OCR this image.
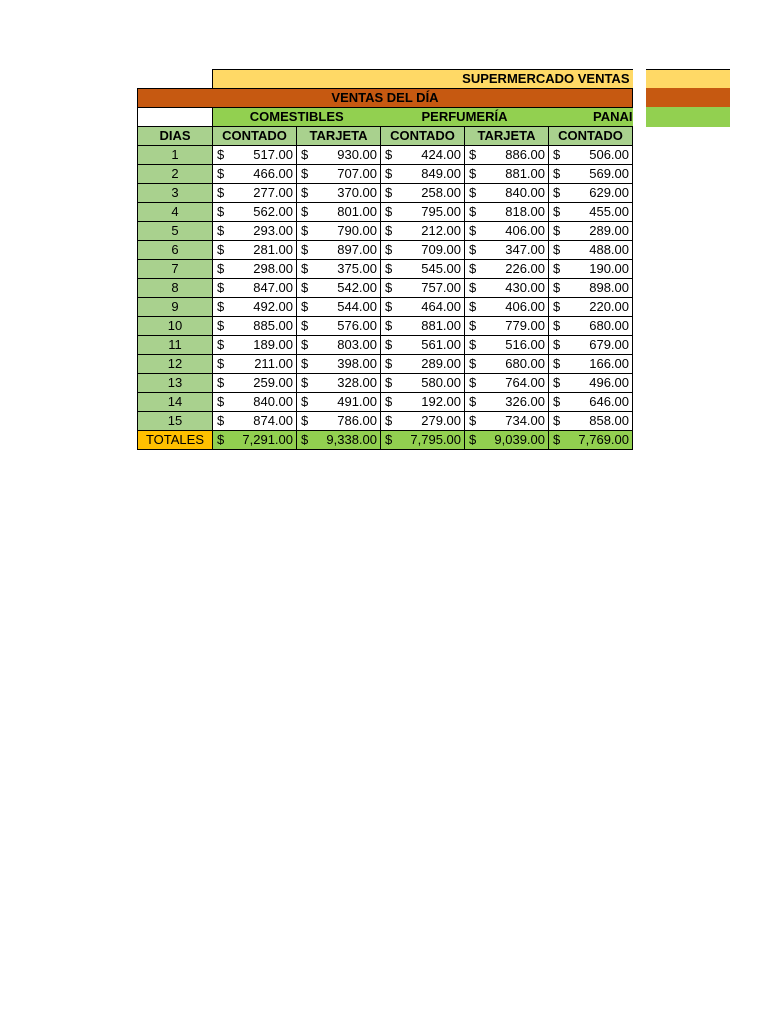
	SUPERMERCADO VENTAS				
VENTAS DEL DÍA					
	COMESTIBLES		PERFUMERÍA		PANAI
DIAS	CONTADO	TARJETA	CONTADO	TARJETA	CONTADO
1	$ 517.00	$ 930.00	$ 424.00	$ 886.00	$ 506.00

2	$ 466.00	$ 707.00	$ 849.00	$ 881.00	$ 569.00

3	$ 277.00	$ 370.00	$ 258.00	$ 840.00	$ 629.00

4	$ 562.00	$ 801.00	$ 795.00	$ 818.00	$ 455.00

5	$ 293.00	$ 790.00	$ 212.00	$ 406.00	$ 289.00

6	$ 281.00	$ 897.00	$ 709.00	$ 347.00	$ 488.00

7	$ 298.00	$ 375.00	$ 545.00	$ 226.00	$ 190.00

8	$ 847.00	$ 542.00	$ 757.00	$ 430.00	$ 898.00

9	$ 492.00	$ 544.00	$ 464.00	$ 406.00	$ 220.00

10	$ 885.00	$ 576.00	$ 881.00	$ 779.00	$ 680.00

11	$ 189.00	$ 803.00	$ 561.00	$ 516.00	$ 679.00

12	$ 211.00	$ 398.00	$ 289.00	$ 680.00	$ 166.00

13	$ 259.00	$ 328.00	$ 580.00	$ 764.00	$ 496.00

14	$ 840.00	$ 491.00	$ 192.00	$ 326.00	$ 646.00

15	$ 874.00	$ 786.00	$ 279.00	$ 734.00	$ 858.00

TOTALES	$ 7,291.00	$ 9,338.00	$ 7,795.00	$ 9,039.00	$ 7,769.00
